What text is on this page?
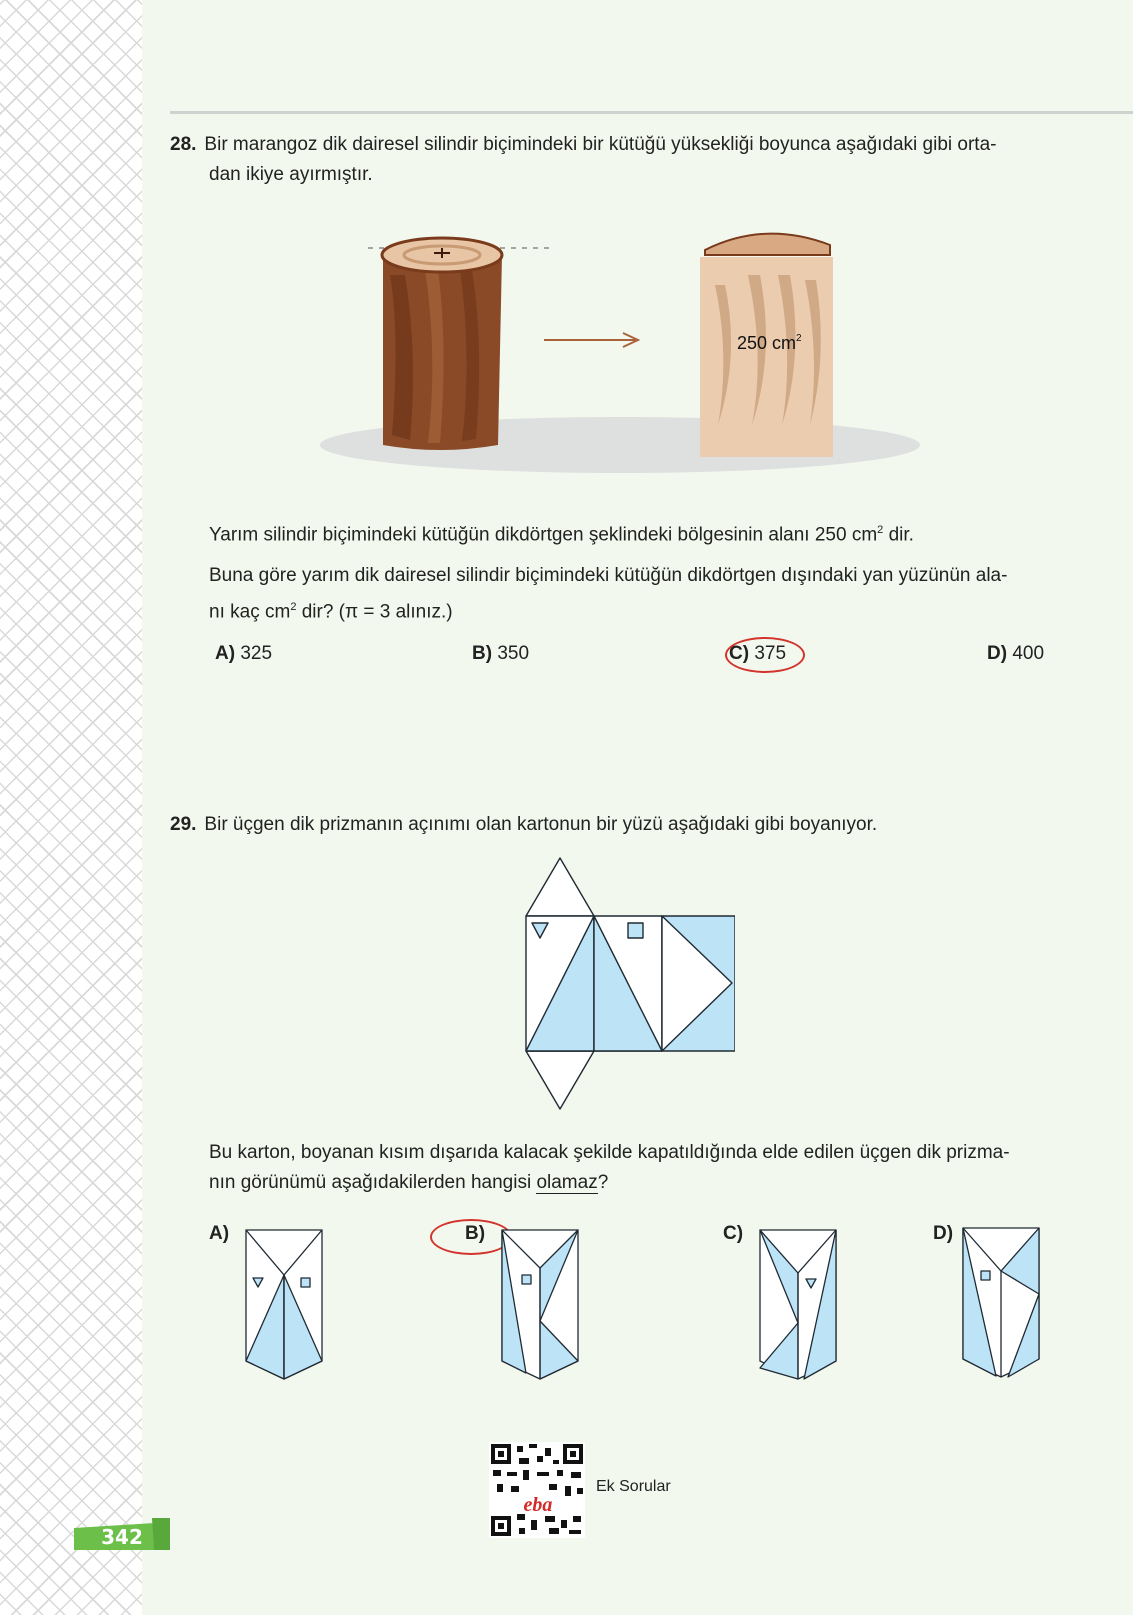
28. Bir marangoz dik dairesel silindir biçimindeki bir kütüğü yüksekliği boyunca aşağıdaki gibi orta-
dan ikiye ayırmıştır.
250 $cm^2$
Yarım silindir biçimindeki kütüğün dikdörtgen şeklindeki bölgesinin alanı 250 $cm^2$ dir.
Buna göre yarım dik dairesel silindir biçimindeki kütüğün dikdörtgen dışındaki yan yüzünün ala-
nı kaç $cm^2$ dir? (π = 3 alınız.)
A) 325	B) 350	C) 375	D) 400
29. Bir üçgen dik prizmanın açınımı olan kartonun bir yüzü aşağıdaki gibi boyanıyor.
Bu karton, boyanan kısım dışarıda kalacak şekilde kapatıldığında elde edilen üçgen dik prizma-
nın görünümü aşağıdakilerden hangisi olamaz?
A)	B)	C)	D)
eba
Ek Sorular
342
